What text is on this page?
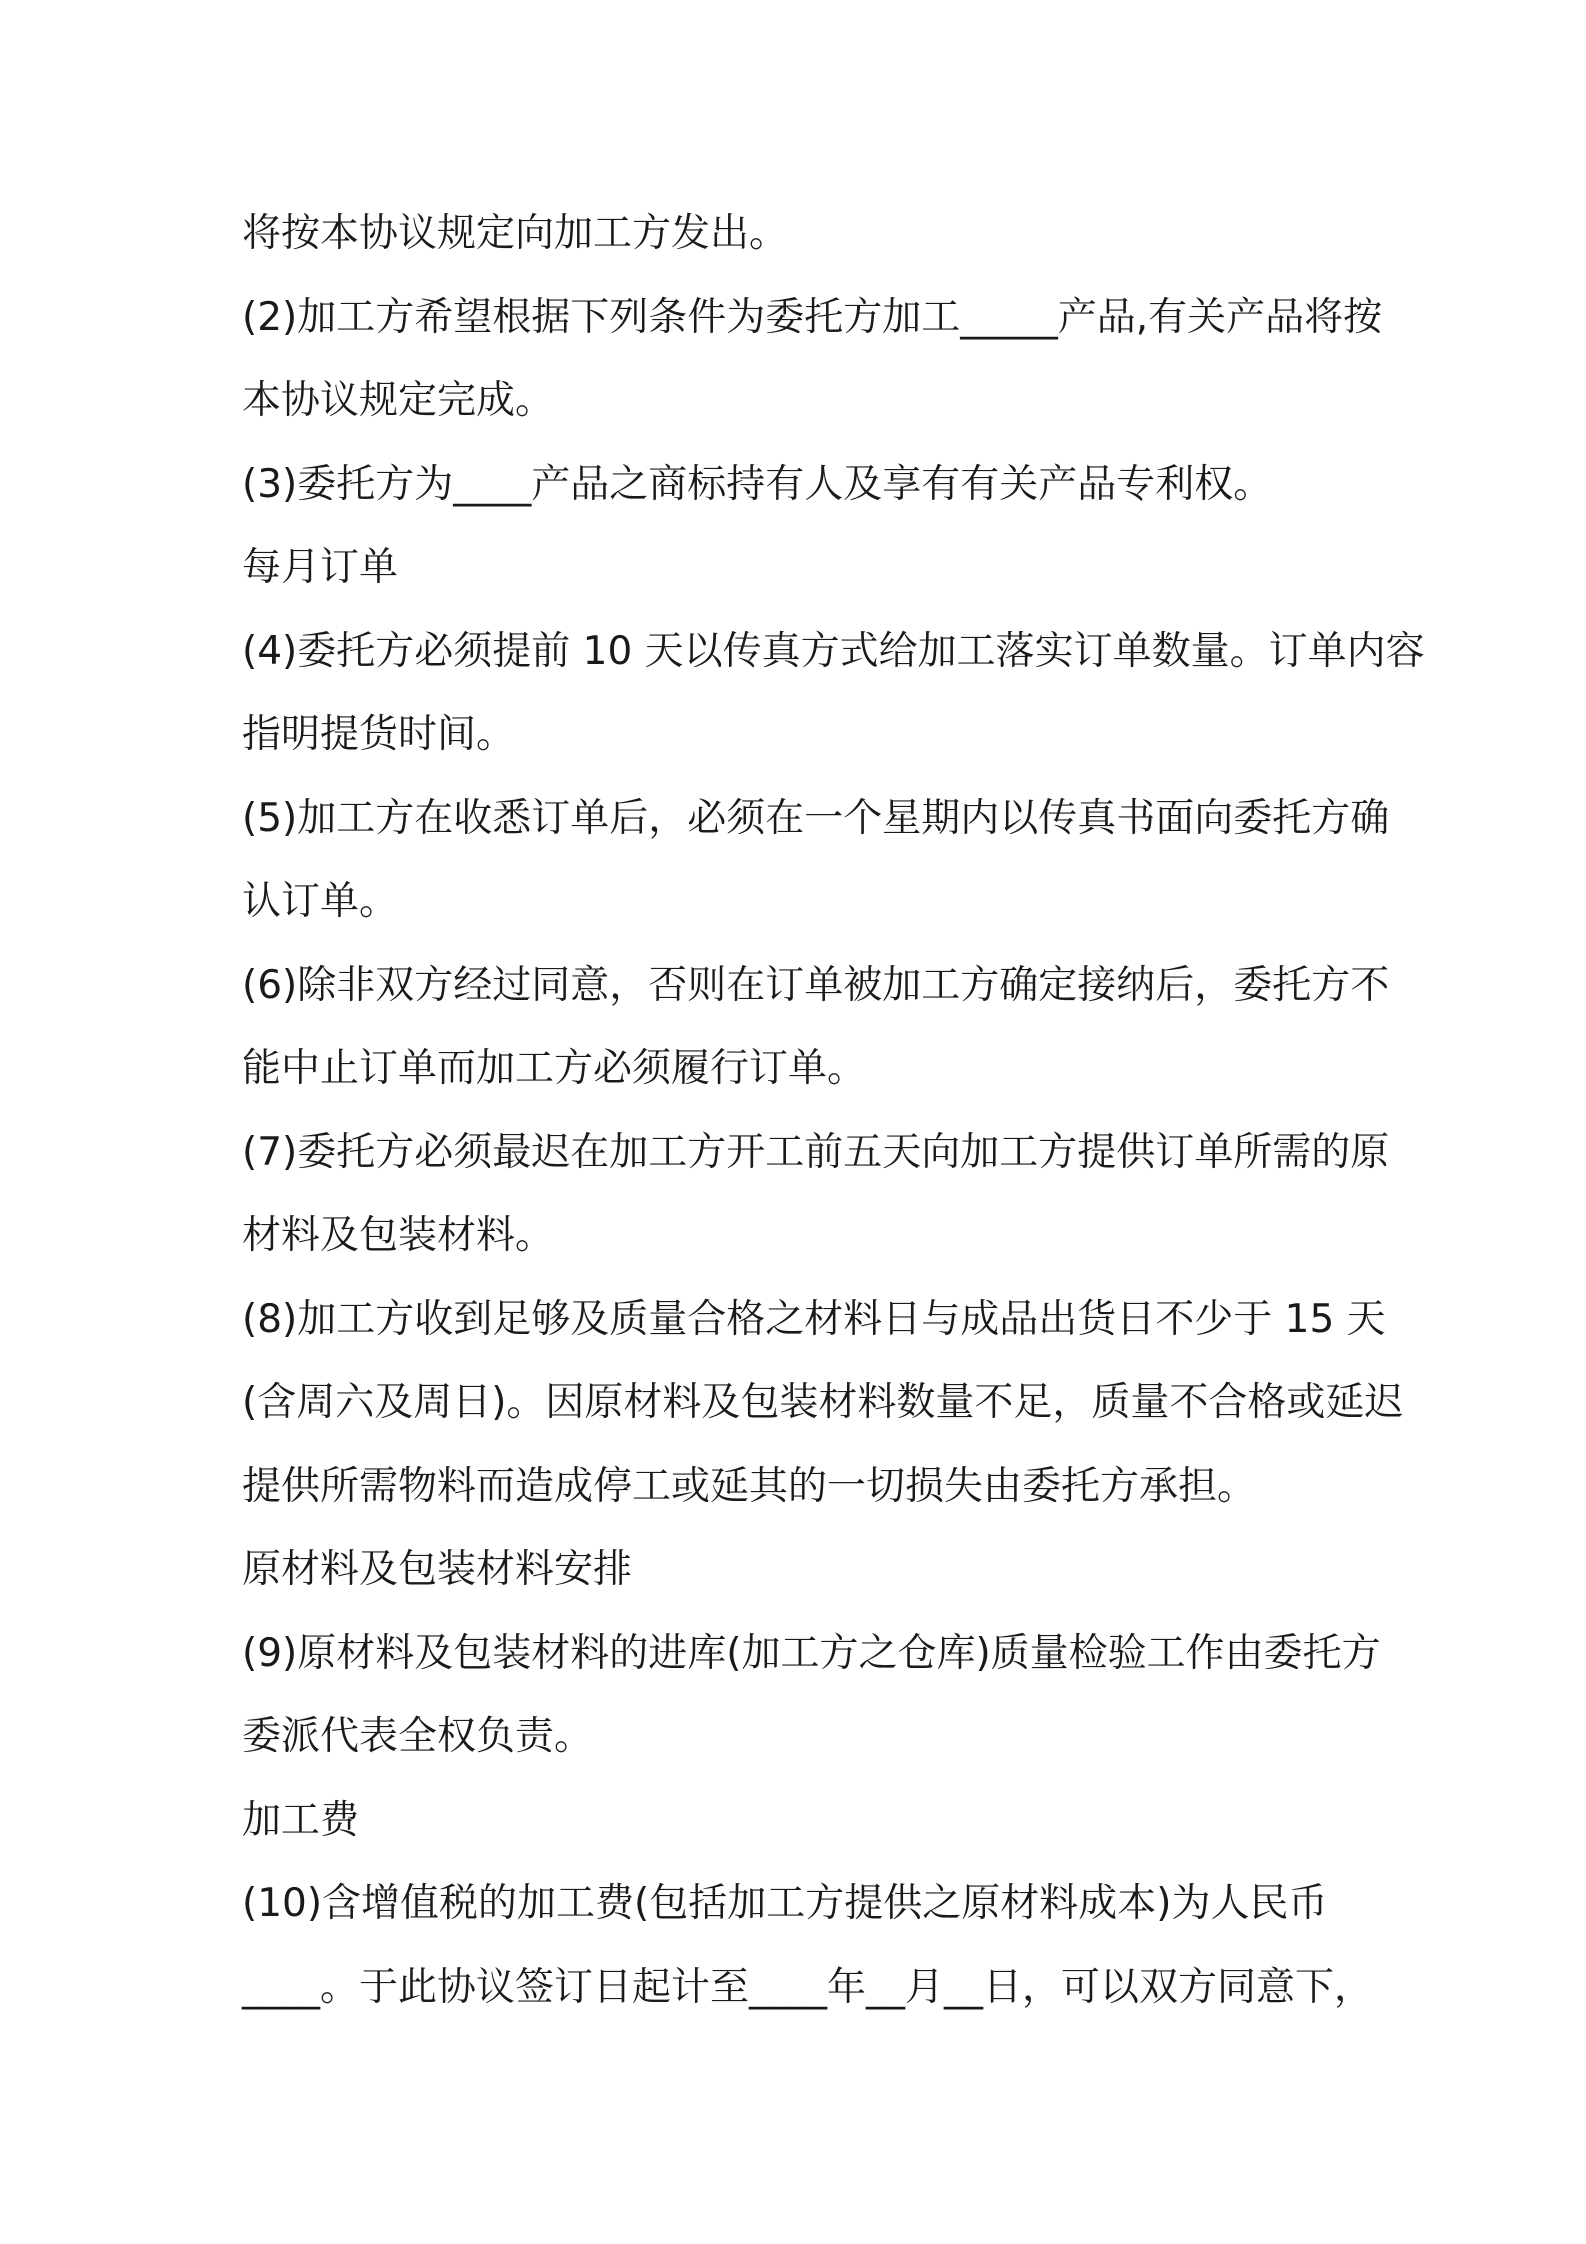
将按本协议规定向加工方发出。
(2)加工方希望根据下列条件为委托方加工_____产品,有关产品将按
本协议规定完成。
(3)委托方为____产品之商标持有人及享有有关产品专利权。
每月订单
(4)委托方必须提前 10 天以传真方式给加工落实订单数量。订单内容
指明提货时间。
(5)加工方在收悉订单后，必须在一个星期内以传真书面向委托方确
认订单。
(6)除非双方经过同意，否则在订单被加工方确定接纳后，委托方不
能中止订单而加工方必须履行订单。
(7)委托方必须最迟在加工方开工前五天向加工方提供订单所需的原
材料及包装材料。
(8)加工方收到足够及质量合格之材料日与成品出货日不少于 15 天
(含周六及周日)。因原材料及包装材料数量不足，质量不合格或延迟
提供所需物料而造成停工或延其的一切损失由委托方承担。
原材料及包装材料安排
(9)原材料及包装材料的进库(加工方之仓库)质量检验工作由委托方
委派代表全权负责。
加工费
(10)含增值税的加工费(包括加工方提供之原材料成本)为人民币
____。于此协议签订日起计至____年__月__日，可以双方同意下，
